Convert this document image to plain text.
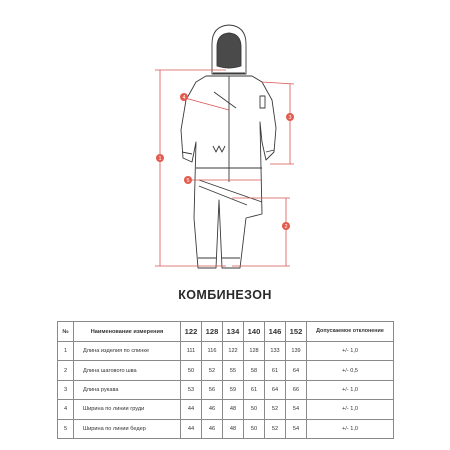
1
2
3
4
5
КОМБИНЕЗОН
№	Наименование измерения	122	128	134	140	146	152	Допускаемое отклонение
1	Длина изделия по спинке	111	116	122	128	133	139	+/- 1,0
2	Длина шагового шва	50	52	55	58	61	64	+/- 0,5
3	Длина рукава	53	56	59	61	64	66	+/- 1,0
4	Ширина по линии груди	44	46	48	50	52	54	+/- 1,0
5	Ширина по линии бедер	44	46	48	50	52	54	+/- 1,0
